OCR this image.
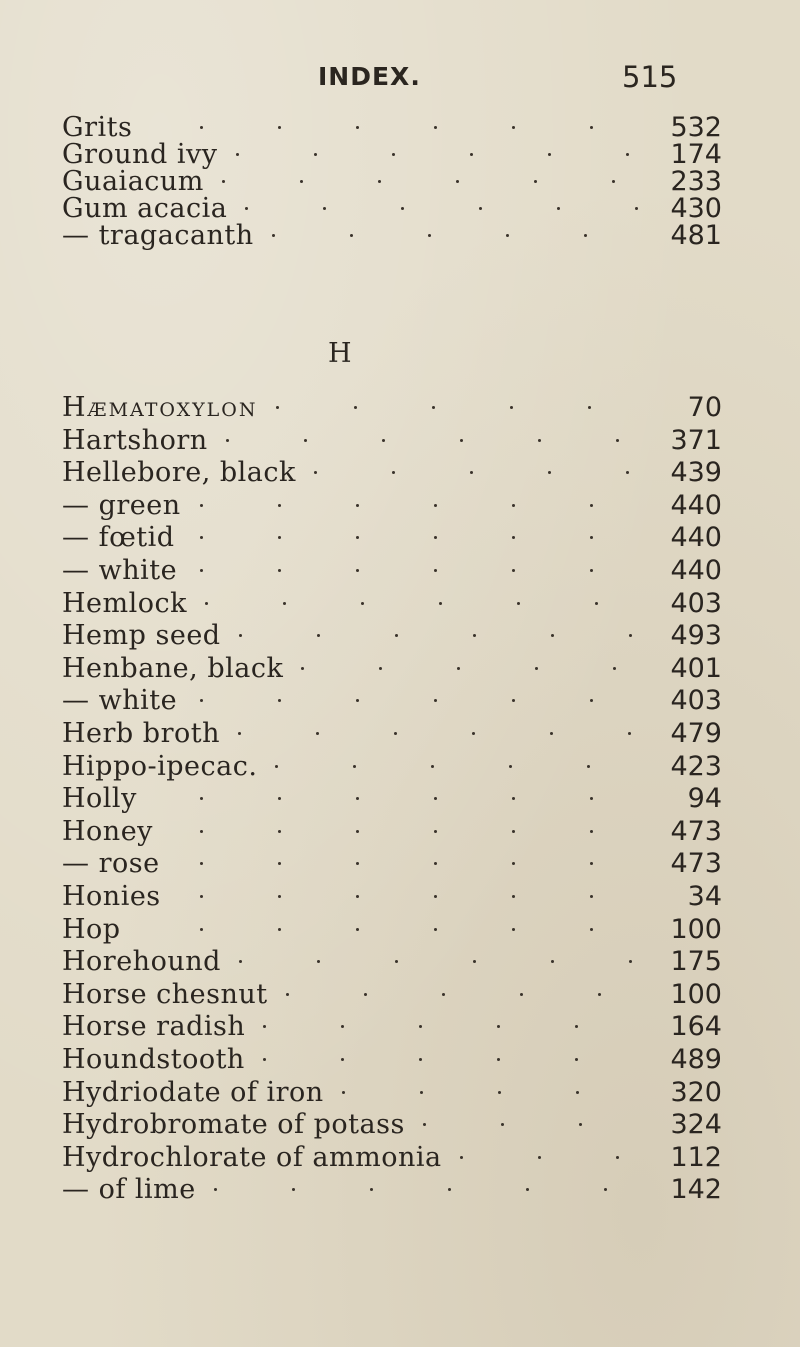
INDEX.	515
Grits	532
Ground ivy	174
Guaiacum	233
Gum acacia	430
— tragacanth	481
H
Hæmatoxylon	70
Hartshorn	371
Hellebore, black	439
— green	440
— fœtid	440
— white	440
Hemlock	403
Hemp seed	493
Henbane, black	401
— white	403
Herb broth	479
Hippo-ipecac.	423
Holly	94
Honey	473
— rose	473
Honies	34
Hop	100
Horehound	175
Horse chesnut	100
Horse radish	164
Houndstooth	489
Hydriodate of iron	320
Hydrobromate of potass	324
Hydrochlorate of ammonia	112
— of lime	142
